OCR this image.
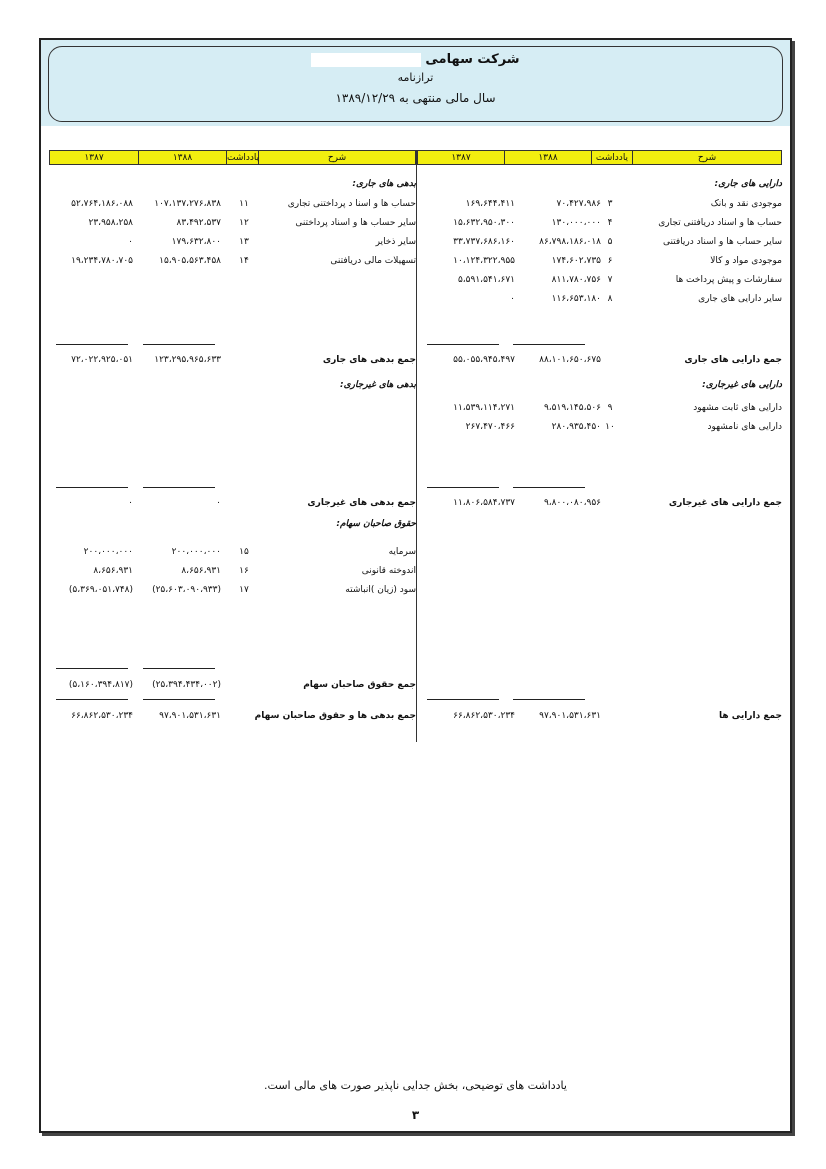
شرکت سهامی
ترازنامه
سال مالی منتهی به ۱۳۸۹/۱۲/۲۹
شرح
یادداشت
۱۳۸۸
۱۳۸۷
شرح
یادداشت
۱۳۸۸
۱۳۸۷
دارایی های جاری:
موجودی نقد و بانک
۳
۷۰،۴۲۷،۹۸۶
۱۶۹،۶۴۴،۴۱۱
حساب ها و اسناد دریافتنی تجاری
۴
۱۳۰،۰۰۰،۰۰۰
۱۵،۶۳۲،۹۵۰،۳۰۰
سایر حساب ها و اسناد دریافتنی
۵
۸۶،۷۹۸،۱۸۶،۰۱۸
۳۳،۷۳۷،۶۸۶،۱۶۰
موجودی مواد و کالا
۶
۱۷۴،۶۰۲،۷۳۵
۱۰،۱۲۴،۳۲۲،۹۵۵
سفارشات و پیش پرداخت ها
۷
۸۱۱،۷۸۰،۷۵۶
۵،۵۹۱،۵۴۱،۶۷۱
سایر دارایی های جاری
۸
۱۱۶،۶۵۳،۱۸۰
۰
جمع دارایی های جاری
۸۸،۱۰۱،۶۵۰،۶۷۵
۵۵،۰۵۵،۹۴۵،۴۹۷
دارایی های غیرجاری:
دارایی های ثابت مشهود
۹
۹،۵۱۹،۱۴۵،۵۰۶
۱۱،۵۳۹،۱۱۴،۲۷۱
دارایی های نامشهود
۱۰
۲۸۰،۹۳۵،۴۵۰
۲۶۷،۴۷۰،۴۶۶
جمع دارایی های غیرجاری
۹،۸۰۰،۰۸۰،۹۵۶
۱۱،۸۰۶،۵۸۴،۷۳۷
جمع دارایی ها
۹۷،۹۰۱،۵۳۱،۶۳۱
۶۶،۸۶۲،۵۳۰،۲۳۴
بدهی های جاری:
حساب ها و اسنا د پرداختنی تجاری
۱۱
۱۰۷،۱۳۷،۲۷۶،۸۳۸
۵۲،۷۶۴،۱۸۶،۰۸۸
سایر حساب ها و اسناد پرداختنی
۱۲
۸۳،۴۹۲،۵۳۷
۲۳،۹۵۸،۲۵۸
سایر ذخایر
۱۳
۱۷۹،۶۳۲،۸۰۰
۰
تسهیلات مالی دریافتنی
۱۴
۱۵،۹۰۵،۵۶۳،۴۵۸
۱۹،۲۳۴،۷۸۰،۷۰۵
جمع بدهی های جاری
۱۲۳،۲۹۵،۹۶۵،۶۳۳
۷۲،۰۲۲،۹۲۵،۰۵۱
بدهی های غیرجاری:
جمع بدهی های غیرجاری
۰
۰
حقوق صاحبان سهام:
سرمایه
۱۵
۲۰۰،۰۰۰،۰۰۰
۲۰۰،۰۰۰،۰۰۰
اندوخته قانونی
۱۶
۸،۶۵۶،۹۳۱
۸،۶۵۶،۹۳۱
سود (زیان )انباشته
۱۷
(۲۵،۶۰۳،۰۹۰،۹۳۳)
(۵،۳۶۹،۰۵۱،۷۴۸)
جمع حقوق صاحبان سهام
(۲۵،۳۹۴،۴۳۴،۰۰۲)
(۵،۱۶۰،۳۹۴،۸۱۷)
جمع بدهی ها و حقوق صاحبان سهام
۹۷،۹۰۱،۵۳۱،۶۳۱
۶۶،۸۶۲،۵۳۰،۲۳۴
یادداشت های توضیحی، بخش جدایی ناپذیر صورت های مالی است.
۳
